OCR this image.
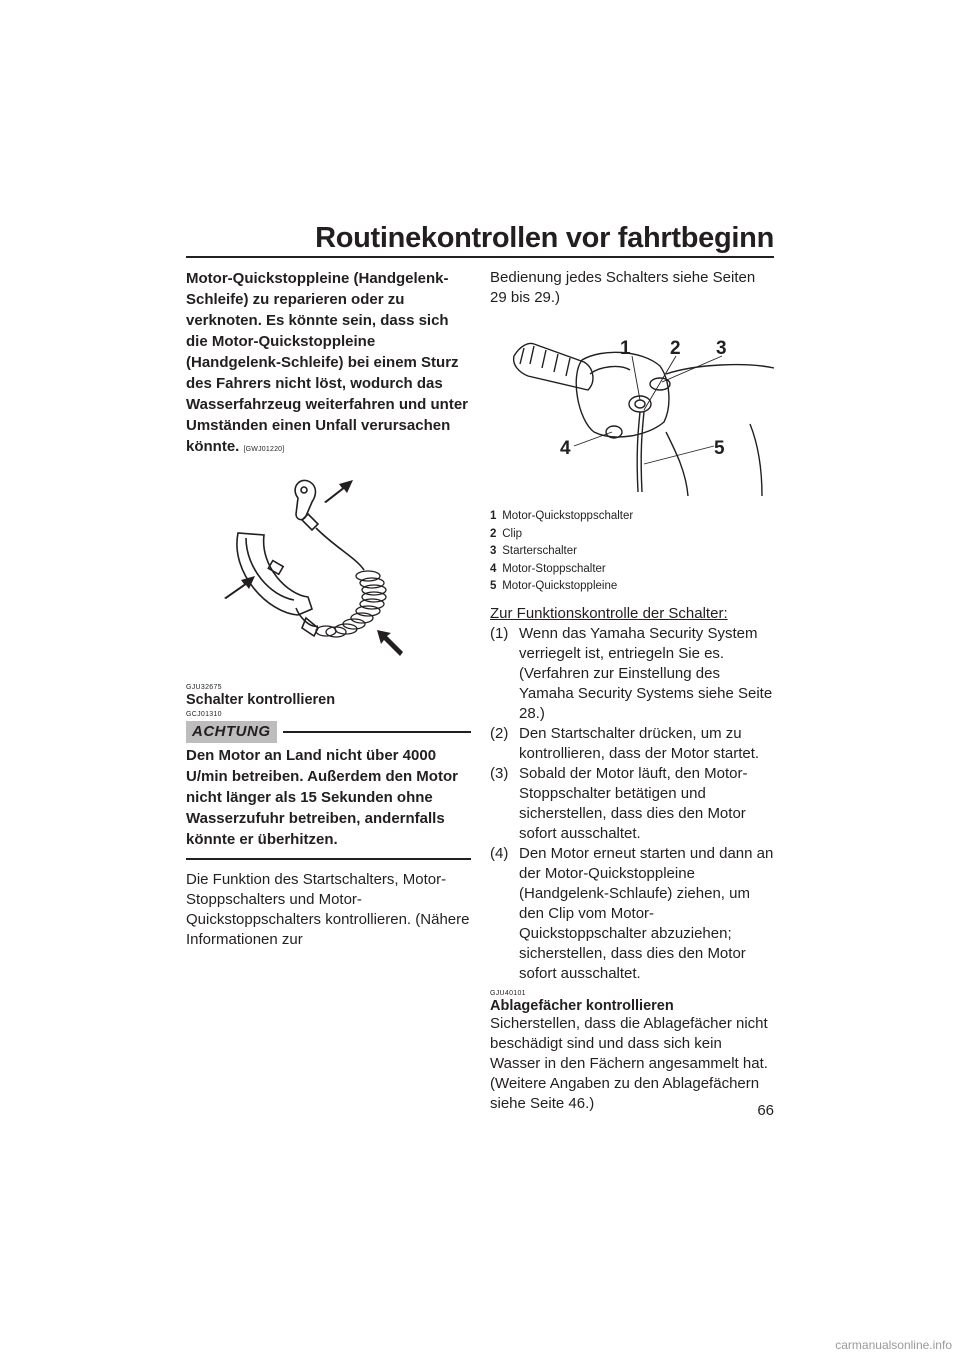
Routinekontrollen vor fahrtbeginn
Motor-Quickstoppleine (Handgelenk-Schleife) zu reparieren oder zu verknoten. Es könnte sein, dass sich die Motor-Quickstoppleine (Handgelenk-Schleife) bei einem Sturz des Fahrers nicht löst, wodurch das Wasserfahrzeug weiterfahren und unter Umständen einen Unfall verursachen könnte. [GWJ01220]
GJU32675
Schalter kontrollieren
GCJ01310
ACHTUNG
Den Motor an Land nicht über 4000 U/min betreiben. Außerdem den Motor nicht länger als 15 Sekunden ohne Wasserzufuhr betreiben, andernfalls könnte er überhitzen.
Die Funktion des Startschalters, Motor-Stoppschalters und Motor-Quickstoppschalters kontrollieren. (Nähere Informationen zur
Bedienung jedes Schalters siehe Seiten 29 bis 29.)
1 2 3
4	5
1 Motor-Quickstoppschalter
2 Clip
3 Starterschalter
4 Motor-Stoppschalter
5 Motor-Quickstoppleine
Zur Funktionskontrolle der Schalter:
(1) Wenn das Yamaha Security System verriegelt ist, entriegeln Sie es. (Verfahren zur Einstellung des Yamaha Security Systems siehe Seite 28.)
(2) Den Startschalter drücken, um zu kontrollieren, dass der Motor startet.
(3) Sobald der Motor läuft, den Motor-Stoppschalter betätigen und sicherstellen, dass dies den Motor sofort ausschaltet.
(4) Den Motor erneut starten und dann an der Motor-Quickstoppleine (Handgelenk-Schlaufe) ziehen, um den Clip vom Motor-Quickstoppschalter abzuziehen; sicherstellen, dass dies den Motor sofort ausschaltet.
GJU40101
Ablagefächer kontrollieren
Sicherstellen, dass die Ablagefächer nicht beschädigt sind und dass sich kein Wasser in den Fächern angesammelt hat. (Weitere Angaben zu den Ablagefächern siehe Seite 46.)	66
carmanualsonline.info
